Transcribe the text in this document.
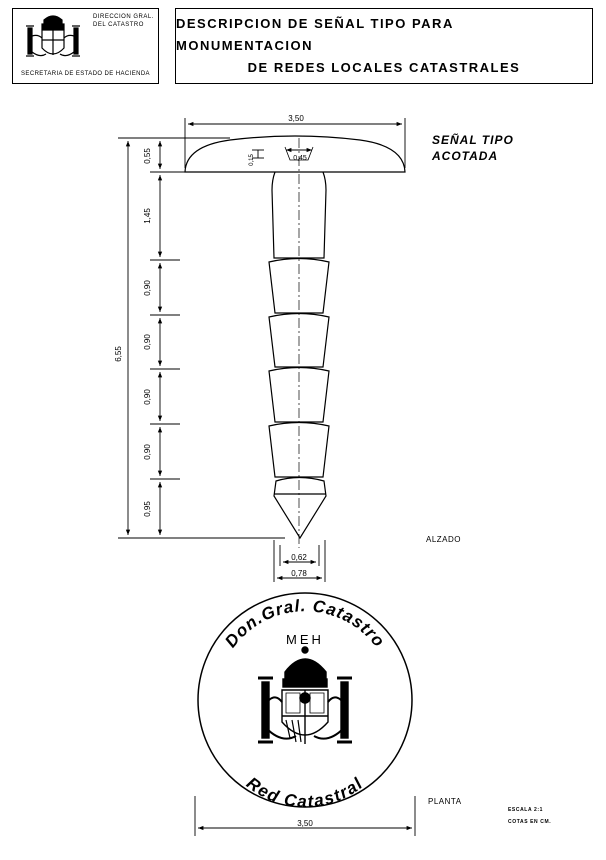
DIRECCION GRAL.
DEL CATASTRO
SECRETARIA DE ESTADO DE HACIENDA
DESCRIPCION DE SEÑAL TIPO PARA MONUMENTACION
DE REDES LOCALES CATASTRALES
SEÑAL TIPO
ACOTADA
ALZADO
PLANTA
ESCALA 2:1
COTAS EN CM.
3,50
0,55
1,45
0,90
0,90
0,90
0,90
0,95
6,55
0,15	0,45
0,62
0,78
Don.Gral. Catastro
Red Catastral
MEH
3,50
